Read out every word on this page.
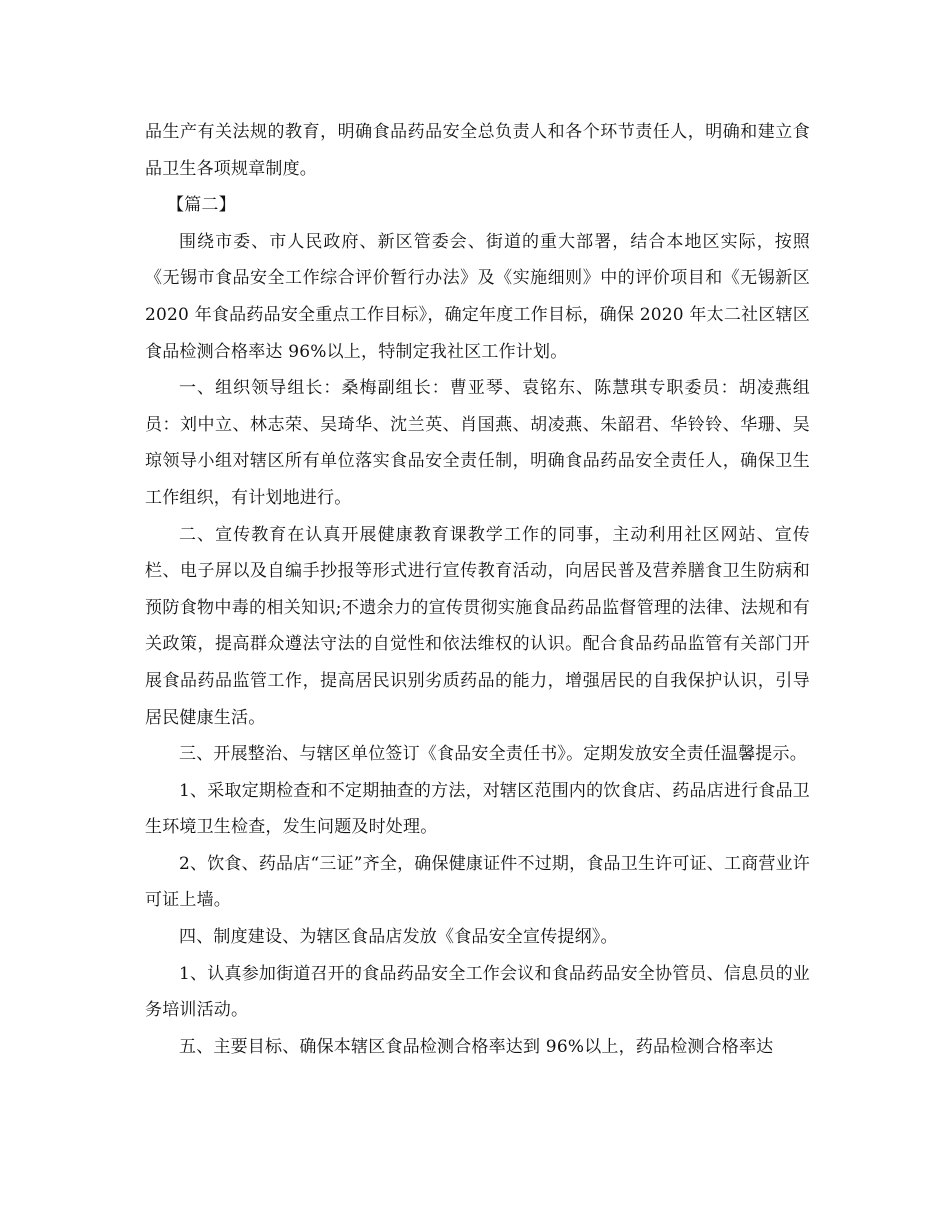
品生产有关法规的教育，明确食品药品安全总负责人和各个环节责任人，明确和建立食品卫生各项规章制度。

【篇二】

围绕市委、市人民政府、新区管委会、街道的重大部署，结合本地区实际，按照《无锡市食品安全工作综合评价暂行办法》及《实施细则》中的评价项目和《无锡新区 2020 年食品药品安全重点工作目标》，确定年度工作目标，确保 2020 年太二社区辖区食品检测合格率达 96%以上，特制定我社区工作计划。

一、组织领导组长：桑梅副组长：曹亚琴、袁铭东、陈慧琪专职委员：胡凌燕组员：刘中立、林志荣、吴琦华、沈兰英、肖国燕、胡凌燕、朱韶君、华铃铃、华珊、吴琼领导小组对辖区所有单位落实食品安全责任制，明确食品药品安全责任人，确保卫生工作组织，有计划地进行。

二、宣传教育在认真开展健康教育课教学工作的同事，主动利用社区网站、宣传栏、电子屏以及自编手抄报等形式进行宣传教育活动，向居民普及营养膳食卫生防病和预防食物中毒的相关知识;不遗余力的宣传贯彻实施食品药品监督管理的法律、法规和有关政策，提高群众遵法守法的自觉性和依法维权的认识。配合食品药品监管有关部门开展食品药品监管工作，提高居民识别劣质药品的能力，增强居民的自我保护认识，引导居民健康生活。

三、开展整治、与辖区单位签订《食品安全责任书》。定期发放安全责任温馨提示。

1、采取定期检查和不定期抽查的方法，对辖区范围内的饮食店、药品店进行食品卫生环境卫生检查，发生问题及时处理。

2、饮食、药品店“三证”齐全，确保健康证件不过期，食品卫生许可证、工商营业许可证上墙。

四、制度建设、为辖区食品店发放《食品安全宣传提纲》。

1、认真参加街道召开的食品药品安全工作会议和食品药品安全协管员、信息员的业务培训活动。

五、主要目标、确保本辖区食品检测合格率达到 96%以上，药品检测合格率达
